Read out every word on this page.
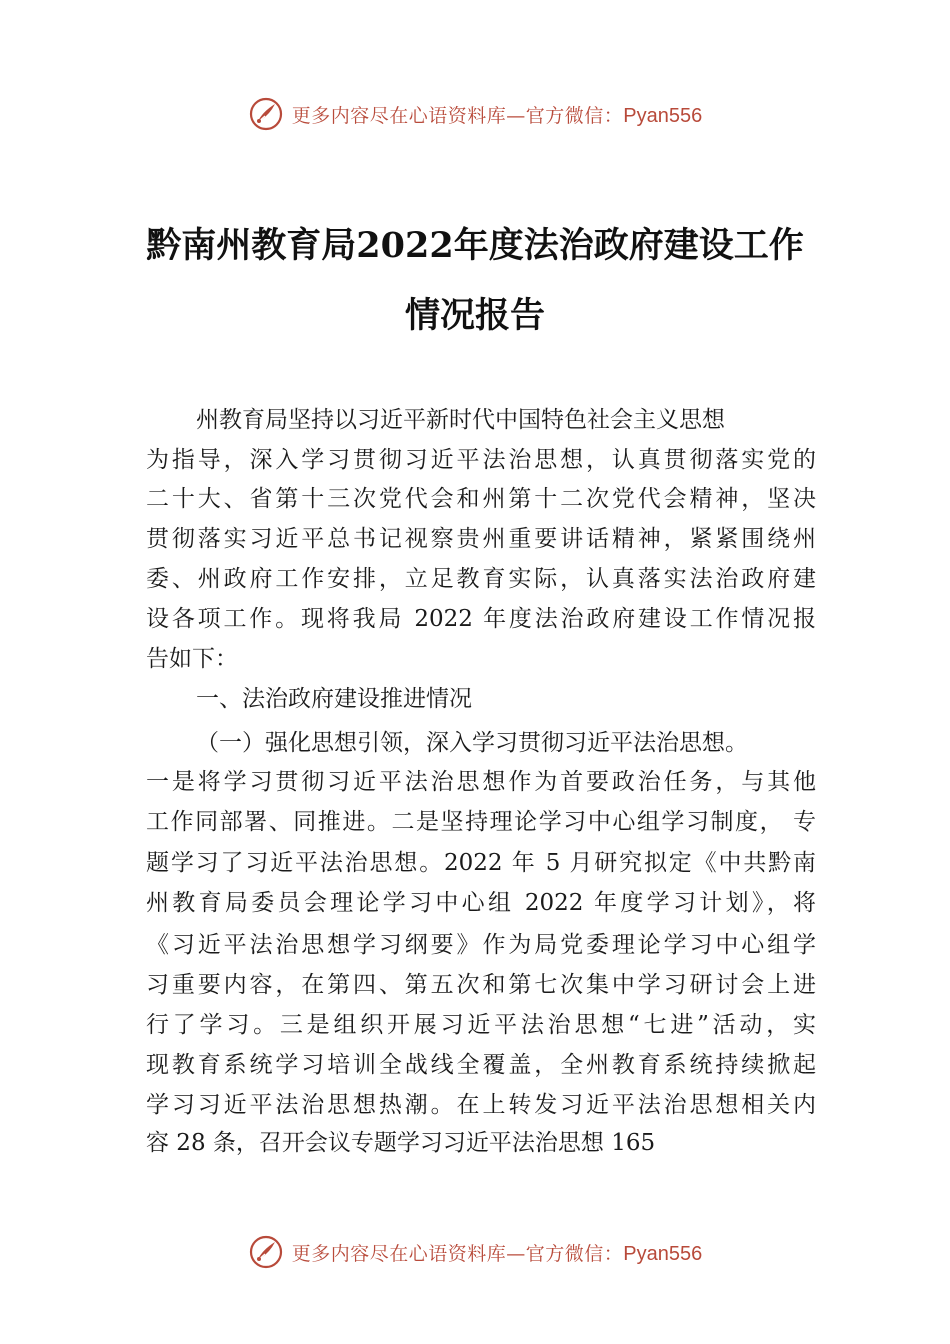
更多内容尽在心语资料库—官方微信：Pyan556
黔南州教育局2022年度法治政府建设工作
情况报告

州教育局坚持以习近平新时代中国特色社会主义思想

为指导，深入学习贯彻习近平法治思想，认真贯彻落实党的

二十大、省第十三次党代会和州第十二次党代会精神，坚决

贯彻落实习近平总书记视察贵州重要讲话精神，紧紧围绕州

委、州政府工作安排，立足教育实际，认真落实法治政府建

设各项工作。现将我局 2022 年度法治政府建设工作情况报

告如下：

一、法治政府建设推进情况

（一）强化思想引领，深入学习贯彻习近平法治思想。

一是将学习贯彻习近平法治思想作为首要政治任务，与其他

工作同部署、同推进。二是坚持理论学习中心组学习制度， 专

题学习了习近平法治思想。2022 年 5 月研究拟定《中共黔南

州教育局委员会理论学习中心组 2022 年度学习计划》，将

《习近平法治思想学习纲要》作为局党委理论学习中心组学

习重要内容，在第四、第五次和第七次集中学习研讨会上进

行了学习。三是组织开展习近平法治思想“七进”活动，实

现教育系统学习培训全战线全覆盖，全州教育系统持续掀起

学习习近平法治思想热潮。在上转发习近平法治思想相关内

容 28 条，召开会议专题学习习近平法治思想 165

更多内容尽在心语资料库—官方微信：Pyan556
